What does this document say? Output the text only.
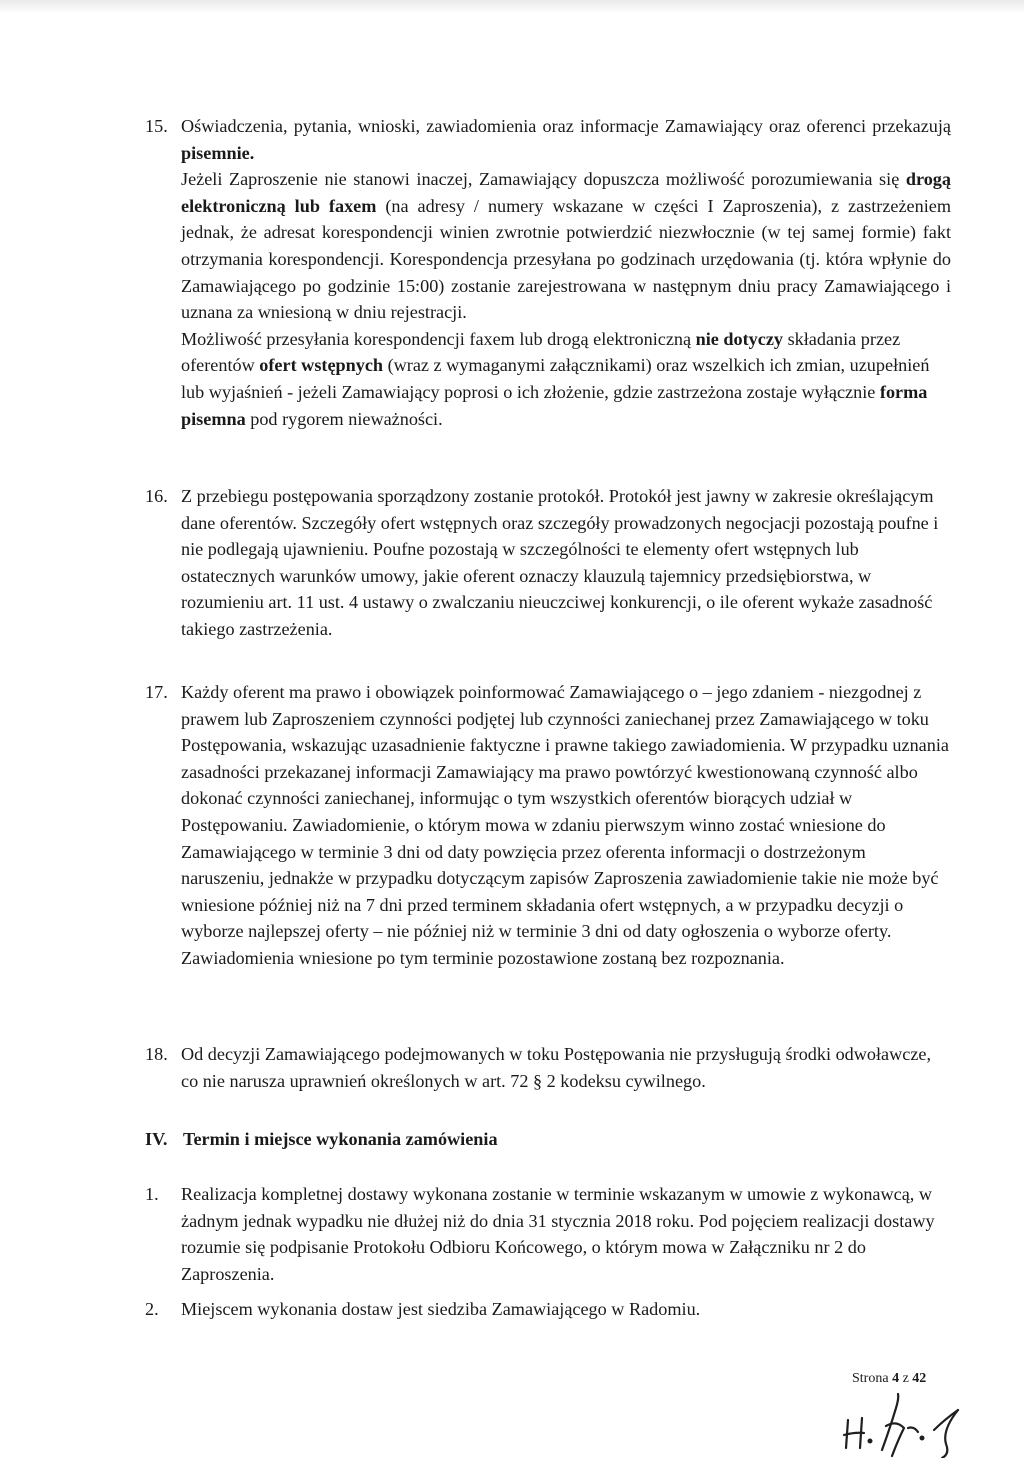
15. Oświadczenia, pytania, wnioski, zawiadomienia oraz informacje Zamawiający oraz oferenci przekazują pisemnie.

Jeżeli Zaproszenie nie stanowi inaczej, Zamawiający dopuszcza możliwość porozumiewania się drogą elektroniczną lub faxem (na adresy / numery wskazane w części I Zaproszenia), z zastrzeżeniem jednak, że adresat korespondencji winien zwrotnie potwierdzić niezwłocznie (w tej samej formie) fakt otrzymania korespondencji. Korespondencja przesyłana po godzinach urzędowania (tj. która wpłynie do Zamawiającego po godzinie 15:00) zostanie zarejestrowana w następnym dniu pracy Zamawiającego i uznana za wniesioną w dniu rejestracji.

Możliwość przesyłania korespondencji faxem lub drogą elektroniczną nie dotyczy składania przez oferentów ofert wstępnych (wraz z wymaganymi załącznikami) oraz wszelkich ich zmian, uzupełnień lub wyjaśnień - jeżeli Zamawiający poprosi o ich złożenie, gdzie zastrzeżona zostaje wyłącznie forma pisemna pod rygorem nieważności.

16. Z przebiegu postępowania sporządzony zostanie protokół. Protokół jest jawny w zakresie określającym dane oferentów. Szczegóły ofert wstępnych oraz szczegóły prowadzonych negocjacji pozostają poufne i nie podlegają ujawnieniu. Poufne pozostają w szczególności te elementy ofert wstępnych lub ostatecznych warunków umowy, jakie oferent oznaczy klauzulą tajemnicy przedsiębiorstwa, w rozumieniu art. 11 ust. 4 ustawy o zwalczaniu nieuczciwej konkurencji, o ile oferent wykaże zasadność takiego zastrzeżenia.

17. Każdy oferent ma prawo i obowiązek poinformować Zamawiającego o – jego zdaniem - niezgodnej z prawem lub Zaproszeniem czynności podjętej lub czynności zaniechanej przez Zamawiającego w toku Postępowania, wskazując uzasadnienie faktyczne i prawne takiego zawiadomienia. W przypadku uznania zasadności przekazanej informacji Zamawiający ma prawo powtórzyć kwestionowaną czynność albo dokonać czynności zaniechanej, informując o tym wszystkich oferentów biorących udział w Postępowaniu. Zawiadomienie, o którym mowa w zdaniu pierwszym winno zostać wniesione do Zamawiającego w terminie 3 dni od daty powzięcia przez oferenta informacji o dostrzeżonym naruszeniu, jednakże w przypadku dotyczącym zapisów Zaproszenia zawiadomienie takie nie może być wniesione później niż na 7 dni przed terminem składania ofert wstępnych, a w przypadku decyzji o wyborze najlepszej oferty – nie później niż w terminie 3 dni od daty ogłoszenia o wyborze oferty. Zawiadomienia wniesione po tym terminie pozostawione zostaną bez rozpoznania.

18. Od decyzji Zamawiającego podejmowanych w toku Postępowania nie przysługują środki odwoławcze, co nie narusza uprawnień określonych w art. 72 § 2 kodeksu cywilnego.

IV. Termin i miejsce wykonania zamówienia
1.	Realizacja kompletnej dostawy wykonana zostanie w terminie wskazanym w umowie z wykonawcą, w żadnym jednak wypadku nie dłużej niż do dnia 31 stycznia 2018 roku. Pod pojęciem realizacji dostawy rozumie się podpisanie Protokołu Odbioru Końcowego, o którym mowa w Załączniku nr 2 do Zaproszenia.

2.	Miejscem wykonania dostaw jest siedziba Zamawiającego w Radomiu.

Strona 4 z 42
